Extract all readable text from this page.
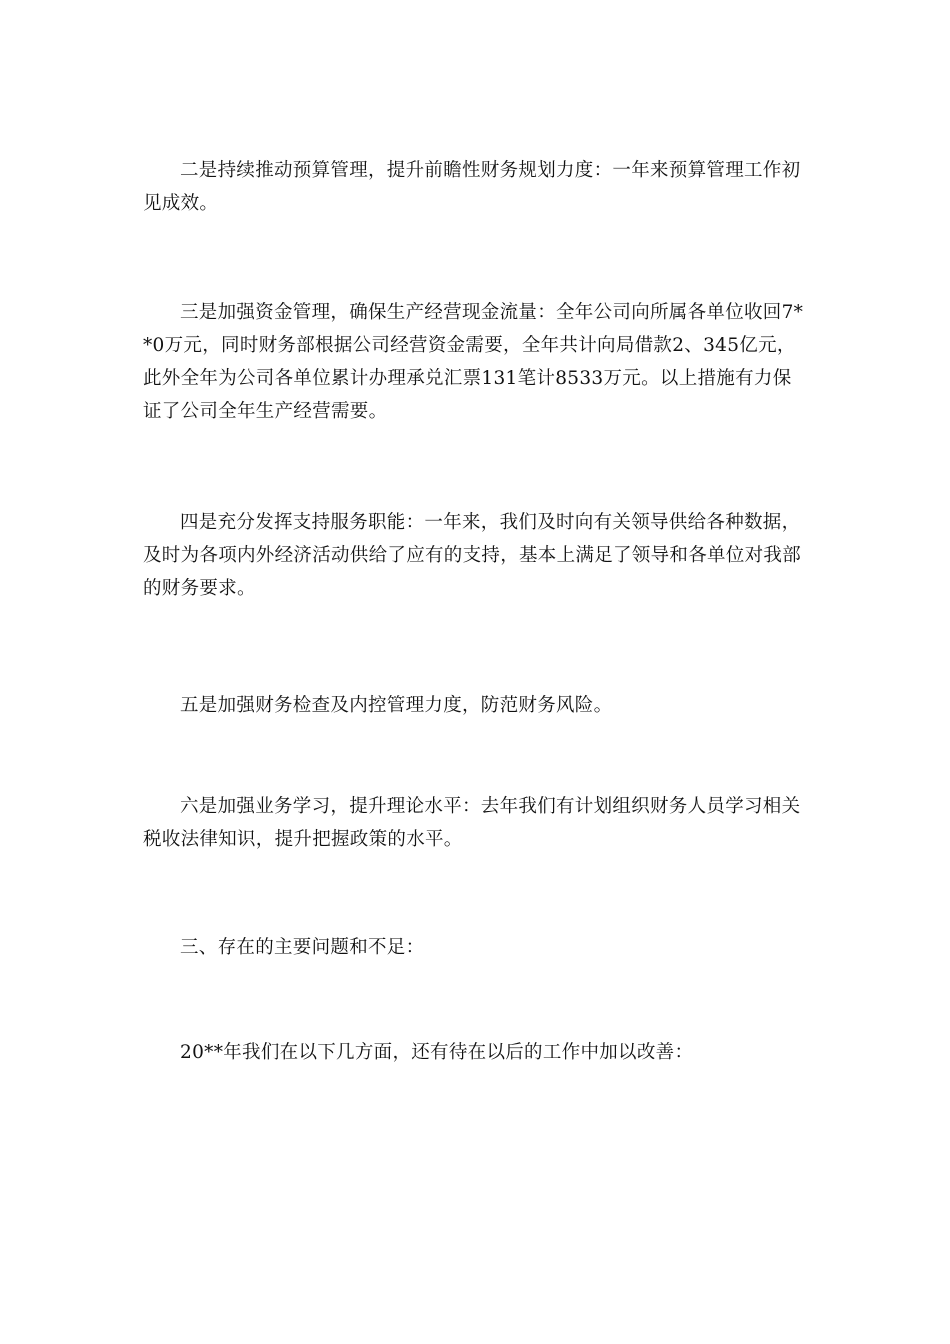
二是持续推动预算管理，提升前瞻性财务规划力度：一年来预算管理工作初见成效。

三是加强资金管理，确保生产经营现金流量：全年公司向所属各单位收回7**0万元，同时财务部根据公司经营资金需要，全年共计向局借款2、345亿元，此外全年为公司各单位累计办理承兑汇票131笔计8533万元。以上措施有力保证了公司全年生产经营需要。

四是充分发挥支持服务职能：一年来，我们及时向有关领导供给各种数据，及时为各项内外经济活动供给了应有的支持，基本上满足了领导和各单位对我部的财务要求。

五是加强财务检查及内控管理力度，防范财务风险。

六是加强业务学习，提升理论水平：去年我们有计划组织财务人员学习相关税收法律知识，提升把握政策的水平。

三、存在的主要问题和不足：

20**年我们在以下几方面，还有待在以后的工作中加以改善：
